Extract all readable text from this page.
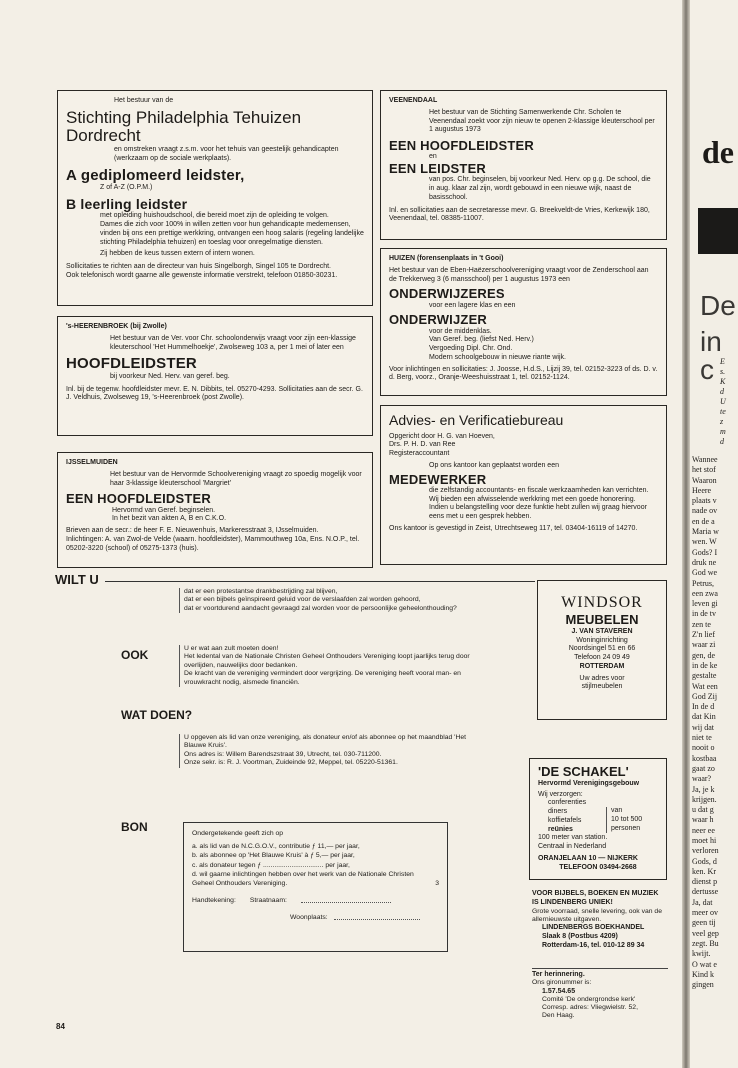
Het bestuur van de
Stichting Philadelphia Tehuizen Dordrecht
en omstreken vraagt z.s.m. voor het tehuis van geestelijk gehandicapten (werkzaam op de sociale werkplaats).
A gediplomeerd leidster,
Z of A-Z (O.P.M.)
B leerling leidster
met opleiding huishoudschool, die bereid moet zijn de opleiding te volgen.
Dames die zich voor 100% in willen zetten voor hun gehandicapte medemensen, vinden bij ons een prettige werkkring, ontvangen een hoog salaris (regeling landelijke stichting Philadelphia tehuizen) en toeslag voor onregelmatige diensten.
Zij hebben de keus tussen extern of intern wonen.
Sollicitaties te richten aan de directeur van huis Singelborgh, Singel 105 te Dordrecht.
Ook telefonisch wordt gaarne alle gewenste informatie verstrekt, telefoon 01850-30231.
's-HEERENBROEK (bij Zwolle)
Het bestuur van de Ver. voor Chr. schoolonderwijs vraagt voor zijn een-klassige kleuterschool 'Het Hummelhoekje', Zwolseweg 103 a, per 1 mei of later een
HOOFDLEIDSTER
bij voorkeur Ned. Herv. van geref. beg.
Inl. bij de tegenw. hoofdleidster mevr. E. N. Dibbits, tel. 05270-4293. Sollicitaties aan de secr. G. J. Veldhuis, Zwolseweg 19, 's-Heerenbroek (post Zwolle).
IJSSELMUIDEN
Het bestuur van de Hervormde Schoolvereniging vraagt zo spoedig mogelijk voor haar 3-klassige kleuterschool 'Margriet'
EEN HOOFDLEIDSTER
Hervormd van Geref. beginselen.
In het bezit van akten A, B en C.K.O.
Brieven aan de secr.: de heer F. E. Nieuwenhuis, Markeresstraat 3, IJsselmuiden.
Inlichtingen: A. van Zwol-de Velde (waarn. hoofdleidster), Mammouthweg 10a, Ens. N.O.P., tel. 05202-3220 (school) of 05275-1373 (huis).
VEENENDAAL
Het bestuur van de Stichting Samenwerkende Chr. Scholen te Veenendaal zoekt voor zijn nieuw te openen 2-klassige kleuterschool per 1 augustus 1973
EEN HOOFDLEIDSTER
en
EEN LEIDSTER
van pos. Chr. beginselen, bij voorkeur Ned. Herv. op g.g. De school, die in aug. klaar zal zijn, wordt gebouwd in een nieuwe wijk, naast de basisschool.
Inl. en sollicitaties aan de secretaresse mevr. G. Breekveldt-de Vries, Kerkewijk 180, Veenendaal, tel. 08385-11007.
HUIZEN (forensenplaats in 't Gooi)
Het bestuur van de Eben-Haëzerschoolvereniging vraagt voor de Zenderschool aan de Trekkerweg 3 (6 mansschool) per 1 augustus 1973 een
ONDERWIJZERES
voor een lagere klas en een
ONDERWIJZER
voor de middenklas.
Van Geref. beg. (liefst Ned. Herv.)
Vergoeding Dipl. Chr. Ond.
Modern schoolgebouw in nieuwe riante wijk.
Voor inlichtingen en sollicitaties: J. Joosse, H.d.S., Lijzij 39, tel. 02152-3223 of ds. D. v. d. Berg, voorz., Oranje-Weeshuisstraat 1, tel. 02152-1124.
Advies- en Verificatiebureau
Opgericht door H. G. van Hoeven,
Drs. P. H. D. van Ree
Registeraccountant
Op ons kantoor kan geplaatst worden een
MEDEWERKER
die zelfstandig accountants- en fiscale werkzaamheden kan verrichten.
Wij bieden een afwisselende werkkring met een goede honorering.
Indien u belangstelling voor deze funktie hebt zullen wij graag hiervoor eens met u een gesprek hebben.
Ons kantoor is gevestigd in Zeist, Utrechtseweg 117, tel. 03404-16119 of 14270.
WILT U
dat er een protestantse drankbestrijding zal blijven,
dat er een bijbels geïnspireerd geluid voor de verslaafden zal worden gehoord,
dat er voortdurend aandacht gevraagd zal worden voor de persoonlijke geheelonthouding?
OOK	U er wat aan zult moeten doen!
Het ledental van de Nationale Christen Geheel Onthouders Vereniging loopt jaarlijks terug door overlijden, nauwelijks door bedanken.
De kracht van de vereniging vermindert door vergrijzing. De vereniging heeft vooral man- en vrouwkracht nodig, alsmede financiën.
WAT DOEN?
U opgeven als lid van onze vereniging, als donateur en/of als abonnee op het maandblad 'Het Blauwe Kruis'.
Ons adres is: Willem Barendszstraat 39, Utrecht, tel. 030-711200.
Onze sekr. is: R. J. Voortman, Zuideinde 92, Meppel, tel. 05220-51361.
BON	Ondergetekende geeft zich op
a. als lid van de N.C.G.O.V., contributie ƒ 11,— per jaar,
b. als abonnee op 'Het Blauwe Kruis' à ƒ 5,— per jaar,
c. als donateur tegen ƒ ................................ per jaar,
d. wil gaarne inlichtingen hebben over het werk van de Nationale Christen Geheel Onthouders Vereniging.	3
Handtekening: Straatnaam:
Woonplaats:
WINDSOR
MEUBELEN
J. VAN STAVEREN
Woninginrichting
Noordsingel 51 en 66
Telefoon 24 09 49
ROTTERDAM
Uw adres voor
stijlmeubelen
'DE SCHAKEL'
Hervormd Verenigingsgebouw
Wij verzorgen:
conferenties
diners
koffietafels
reünies
van
10 tot 500
personen
100 meter van station.
Centraal in Nederland
ORANJELAAN 10 — NIJKERK
TELEFOON 03494-2668
VOOR BIJBELS, BOEKEN EN MUZIEK
IS LINDENBERG UNIEK!
Grote voorraad, snelle levering, ook van de allernieuwste uitgaven.
LINDENBERGS BOEKHANDEL
Slaak 8 (Postbus 4209)
Rotterdam-16, tel. 010-12 89 34
Ter herinnering.
Ons gironummer is:
1.57.54.65
Comité 'De ondergrondse kerk'
Corresp. adres: Vliegwielstr. 52,
Den Haag.
84
de
De
in c E
s.
K
d
U
te
z
m
d
Wannee
het stof
Waaron
Heere
plaats v
nade ov
en de a
Maria w
wen. W
Gods? I
druk ne
God we
Petrus,
een zwa
leven gi
in de tv
zen te
Z'n lief
waar zi
gen, de
in de ke
gestalte
Wat een
God Zij
In de d
dat Kin
wij dat
niet te
nooit o
kostbaa
gaat zo
waar?
Ja, je k
krijgen.
u dat g
waar h
neer ee
moet hi
verloren
Gods, d
ken. Kr
dienst p
dertusse
Ja, dat
meer ov
geen tij
veel gep
zegt. Bu
kwijt.
O wat e
Kind k
gingen
